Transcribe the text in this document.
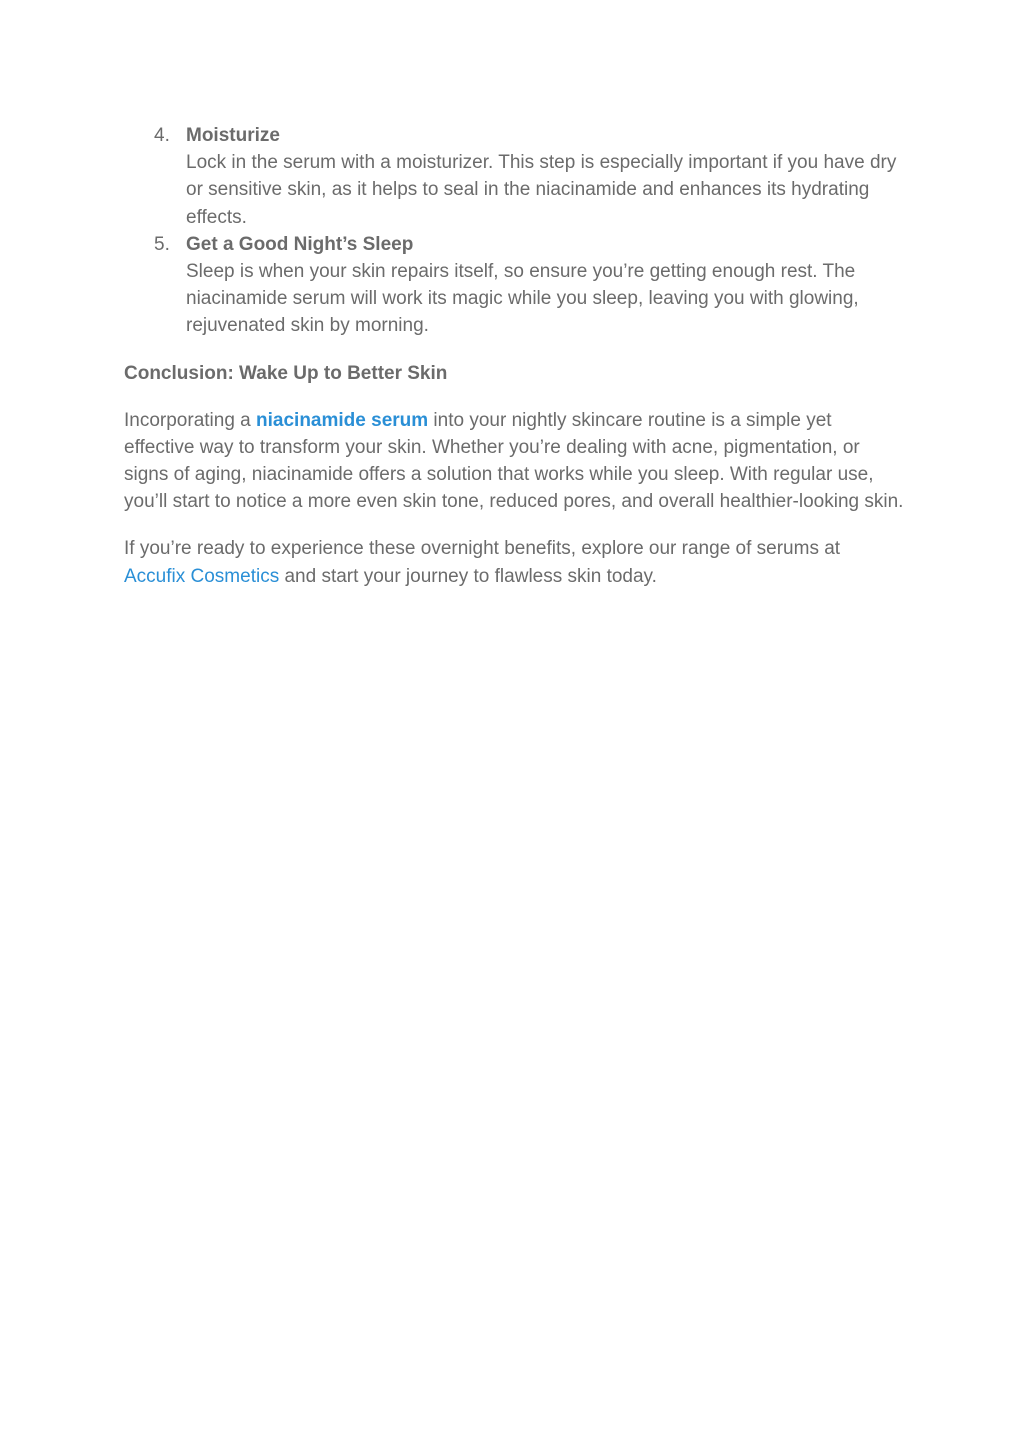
4. Moisturize
Lock in the serum with a moisturizer. This step is especially important if you have dry or sensitive skin, as it helps to seal in the niacinamide and enhances its hydrating effects.
5. Get a Good Night’s Sleep
Sleep is when your skin repairs itself, so ensure you’re getting enough rest. The niacinamide serum will work its magic while you sleep, leaving you with glowing, rejuvenated skin by morning.
Conclusion: Wake Up to Better Skin

Incorporating a niacinamide serum into your nightly skincare routine is a simple yet effective way to transform your skin. Whether you’re dealing with acne, pigmentation, or signs of aging, niacinamide offers a solution that works while you sleep. With regular use, you’ll start to notice a more even skin tone, reduced pores, and overall healthier-looking skin.

If you’re ready to experience these overnight benefits, explore our range of serums at Accufix Cosmetics and start your journey to flawless skin today.
